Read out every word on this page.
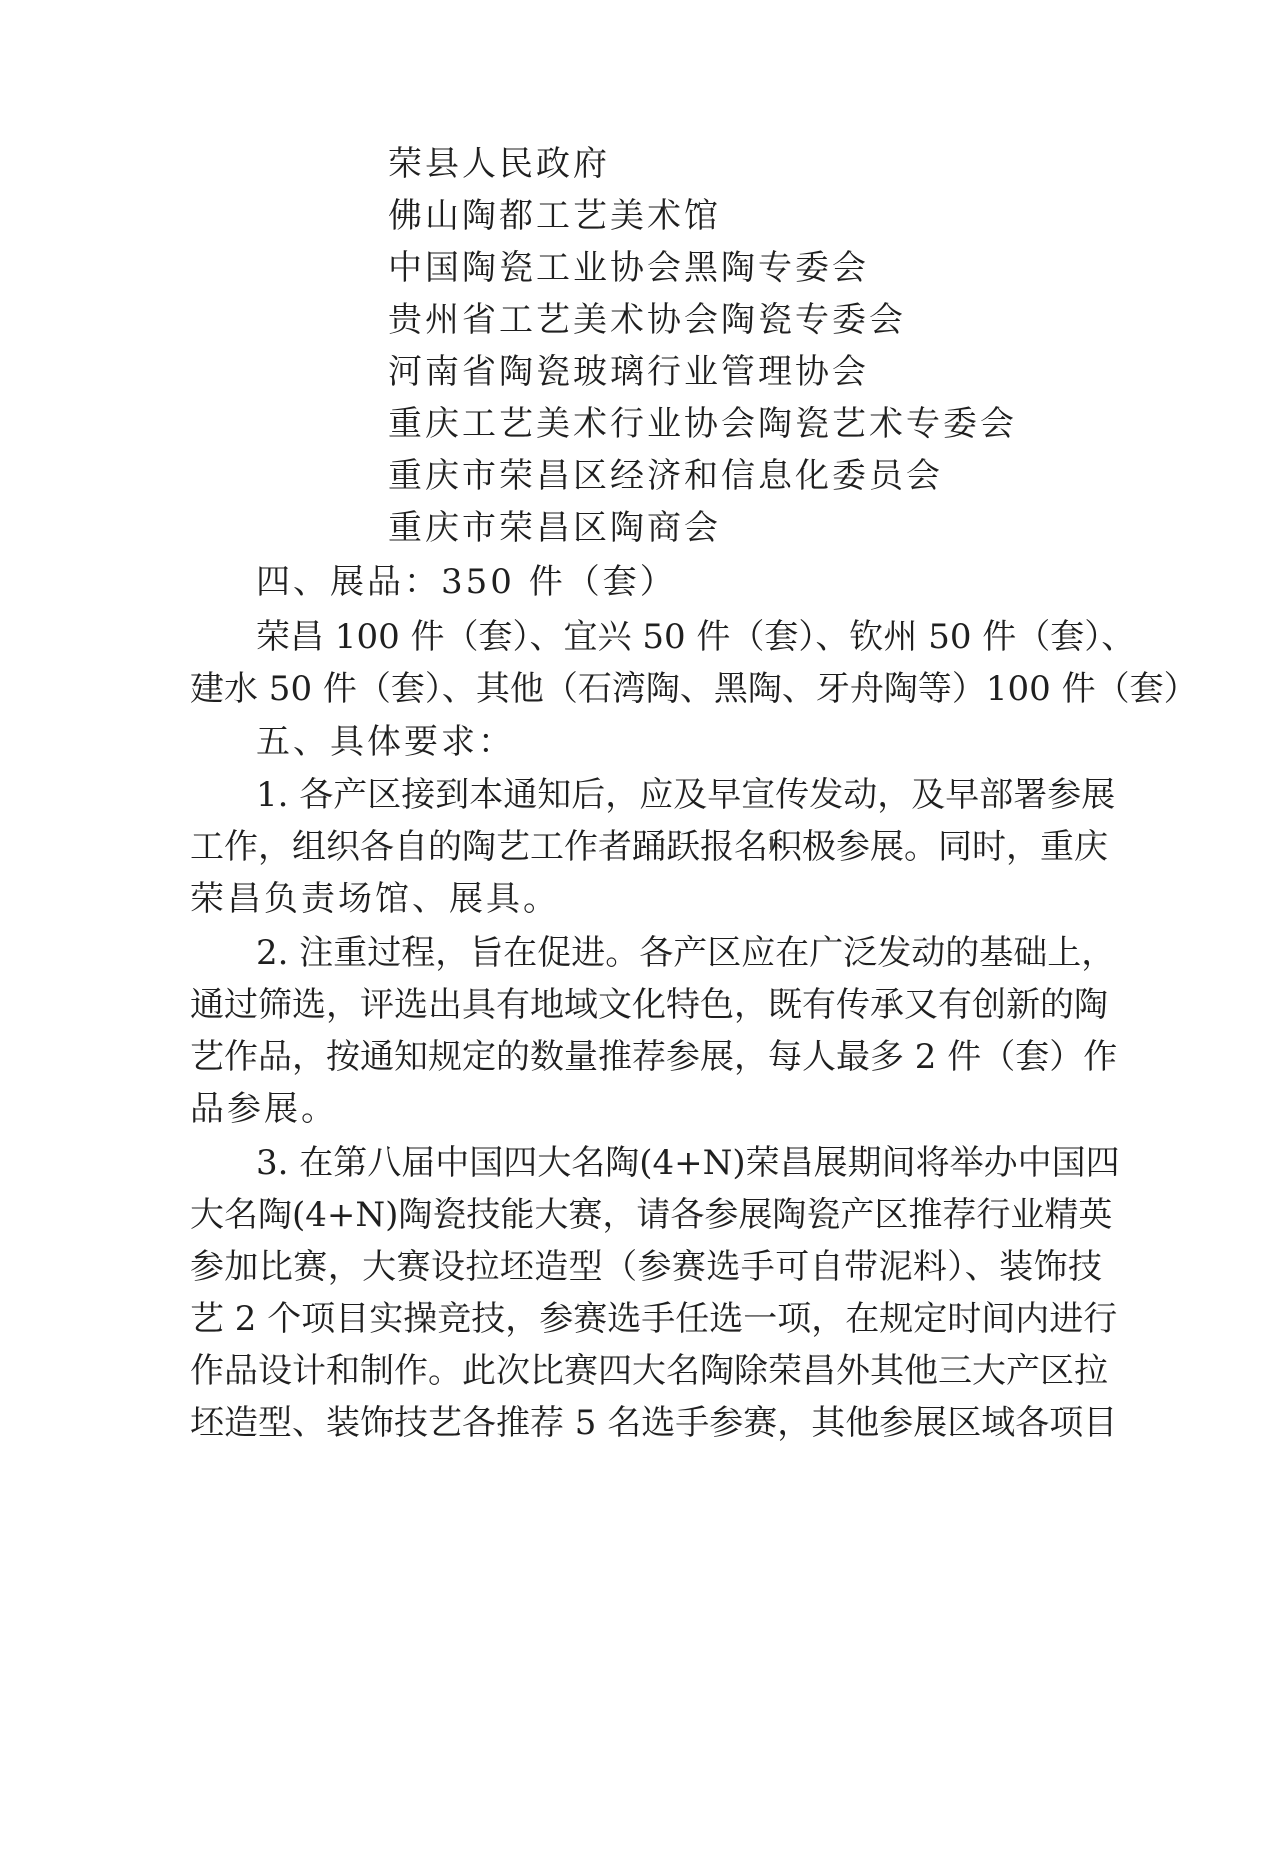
荣县人民政府
佛山陶都工艺美术馆
中国陶瓷工业协会黑陶专委会
贵州省工艺美术协会陶瓷专委会
河南省陶瓷玻璃行业管理协会
重庆工艺美术行业协会陶瓷艺术专委会
重庆市荣昌区经济和信息化委员会
重庆市荣昌区陶商会
四、展品：350 件（套）
荣昌 100 件（套）、宜兴 50 件（套）、钦州 50 件（套）、
建水 50 件（套）、其他（石湾陶、黑陶、牙舟陶等）100 件（套）
五、具体要求：
1. 各产区接到本通知后，应及早宣传发动，及早部署参展
工作，组织各自的陶艺工作者踊跃报名积极参展。同时，重庆
荣昌负责场馆、展具。
2. 注重过程，旨在促进。各产区应在广泛发动的基础上，
通过筛选，评选出具有地域文化特色，既有传承又有创新的陶
艺作品，按通知规定的数量推荐参展，每人最多 2 件（套）作
品参展。
3. 在第八届中国四大名陶(4+N)荣昌展期间将举办中国四
大名陶(4+N)陶瓷技能大赛，请各参展陶瓷产区推荐行业精英
参加比赛，大赛设拉坯造型（参赛选手可自带泥料）、装饰技
艺 2 个项目实操竞技，参赛选手任选一项，在规定时间内进行
作品设计和制作。此次比赛四大名陶除荣昌外其他三大产区拉
坯造型、装饰技艺各推荐 5 名选手参赛，其他参展区域各项目
